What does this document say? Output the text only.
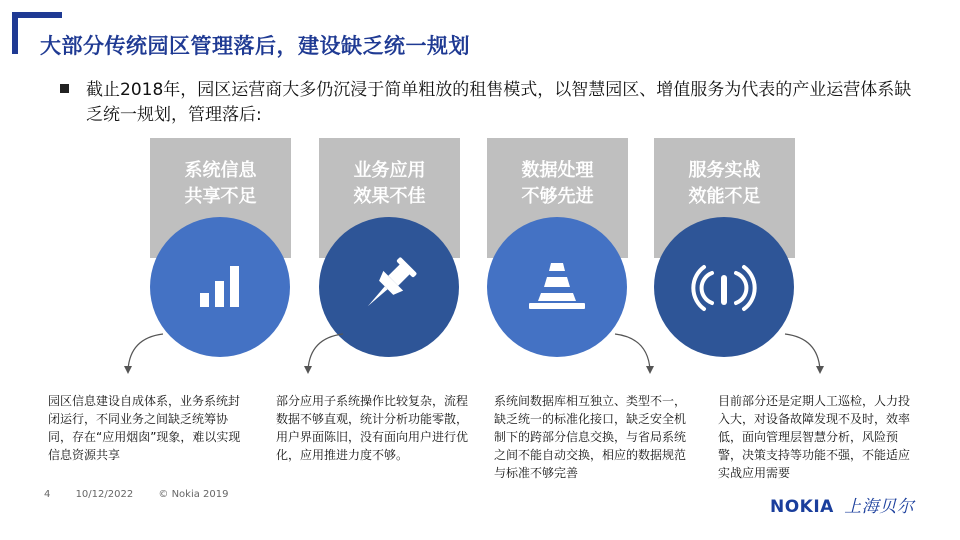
大部分传统园区管理落后，建设缺乏统一规划
截止2018年，园区运营商大多仍沉浸于简单粗放的租售模式，以智慧园区、增值服务为代表的产业运营体系缺乏统一规划，管理落后:
系统信息
共享不足
业务应用
效果不佳
数据处理
不够先进
服务实战
效能不足
园区信息建设自成体系，业务系统封闭运行，不同业务之间缺乏统筹协同，存在“应用烟囱”现象，难以实现信息资源共享
部分应用子系统操作比较复杂，流程数据不够直观，统计分析功能零散，用户界面陈旧，没有面向用户进行优化，应用推进力度不够。
系统间数据库相互独立、类型不一，缺乏统一的标准化接口，缺乏安全机制下的跨部分信息交换，与省局系统之间不能自动交换，相应的数据规范与标准不够完善
目前部分还是定期人工巡检，人力投入大，对设备故障发现不及时，效率低，面向管理层智慧分析，风险预警，决策支持等功能不强，不能适应实战应用需要
4	10/12/2022	© Nokia 2019
NOKIA 上海贝尔
